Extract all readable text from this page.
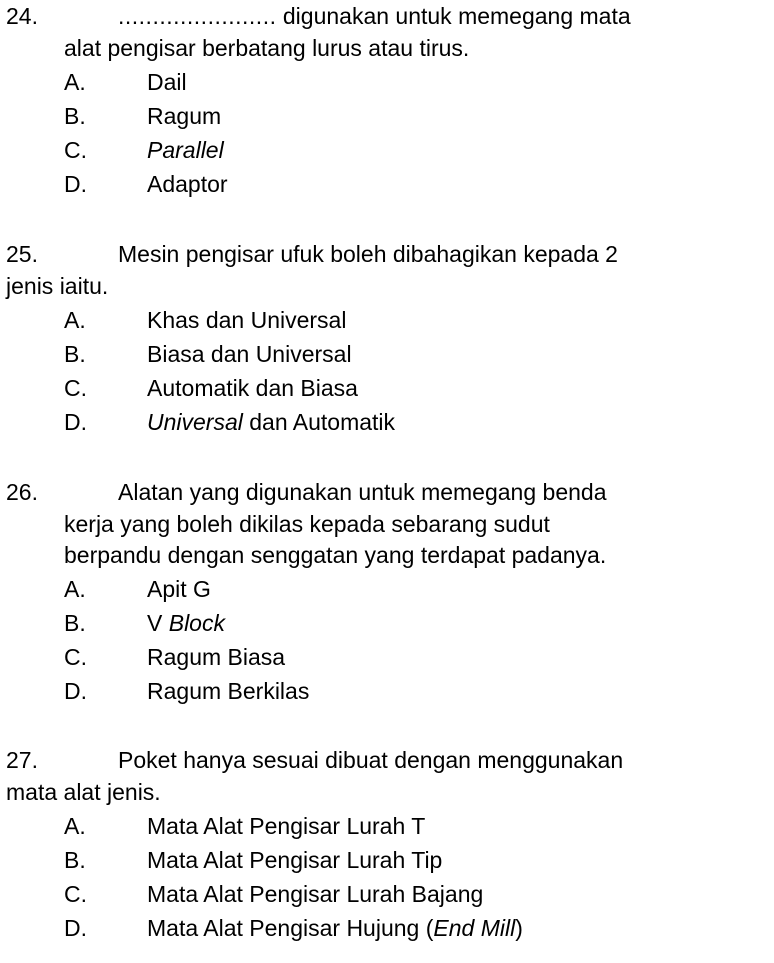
24.	....................... digunakan untuk memegang mata
alat pengisar berbatang lurus atau tirus.
A.	Dail
B.	Ragum
C.	Parallel
D.	Adaptor
25.	Mesin pengisar ufuk boleh dibahagikan kepada 2
jenis iaitu.
A.	Khas dan Universal
B.	Biasa dan Universal
C.	Automatik dan Biasa
D.	Universal dan Automatik
26.	Alatan yang digunakan untuk memegang benda
kerja yang boleh dikilas kepada sebarang sudut
berpandu dengan senggatan yang terdapat padanya.
A.	Apit G
B.	V Block
C.	Ragum Biasa
D.	Ragum Berkilas
27.	Poket hanya sesuai dibuat dengan menggunakan
mata alat jenis.
A.	Mata Alat Pengisar Lurah T
B.	Mata Alat Pengisar Lurah Tip
C.	Mata Alat Pengisar Lurah Bajang
D.	Mata Alat Pengisar Hujung (End Mill)
